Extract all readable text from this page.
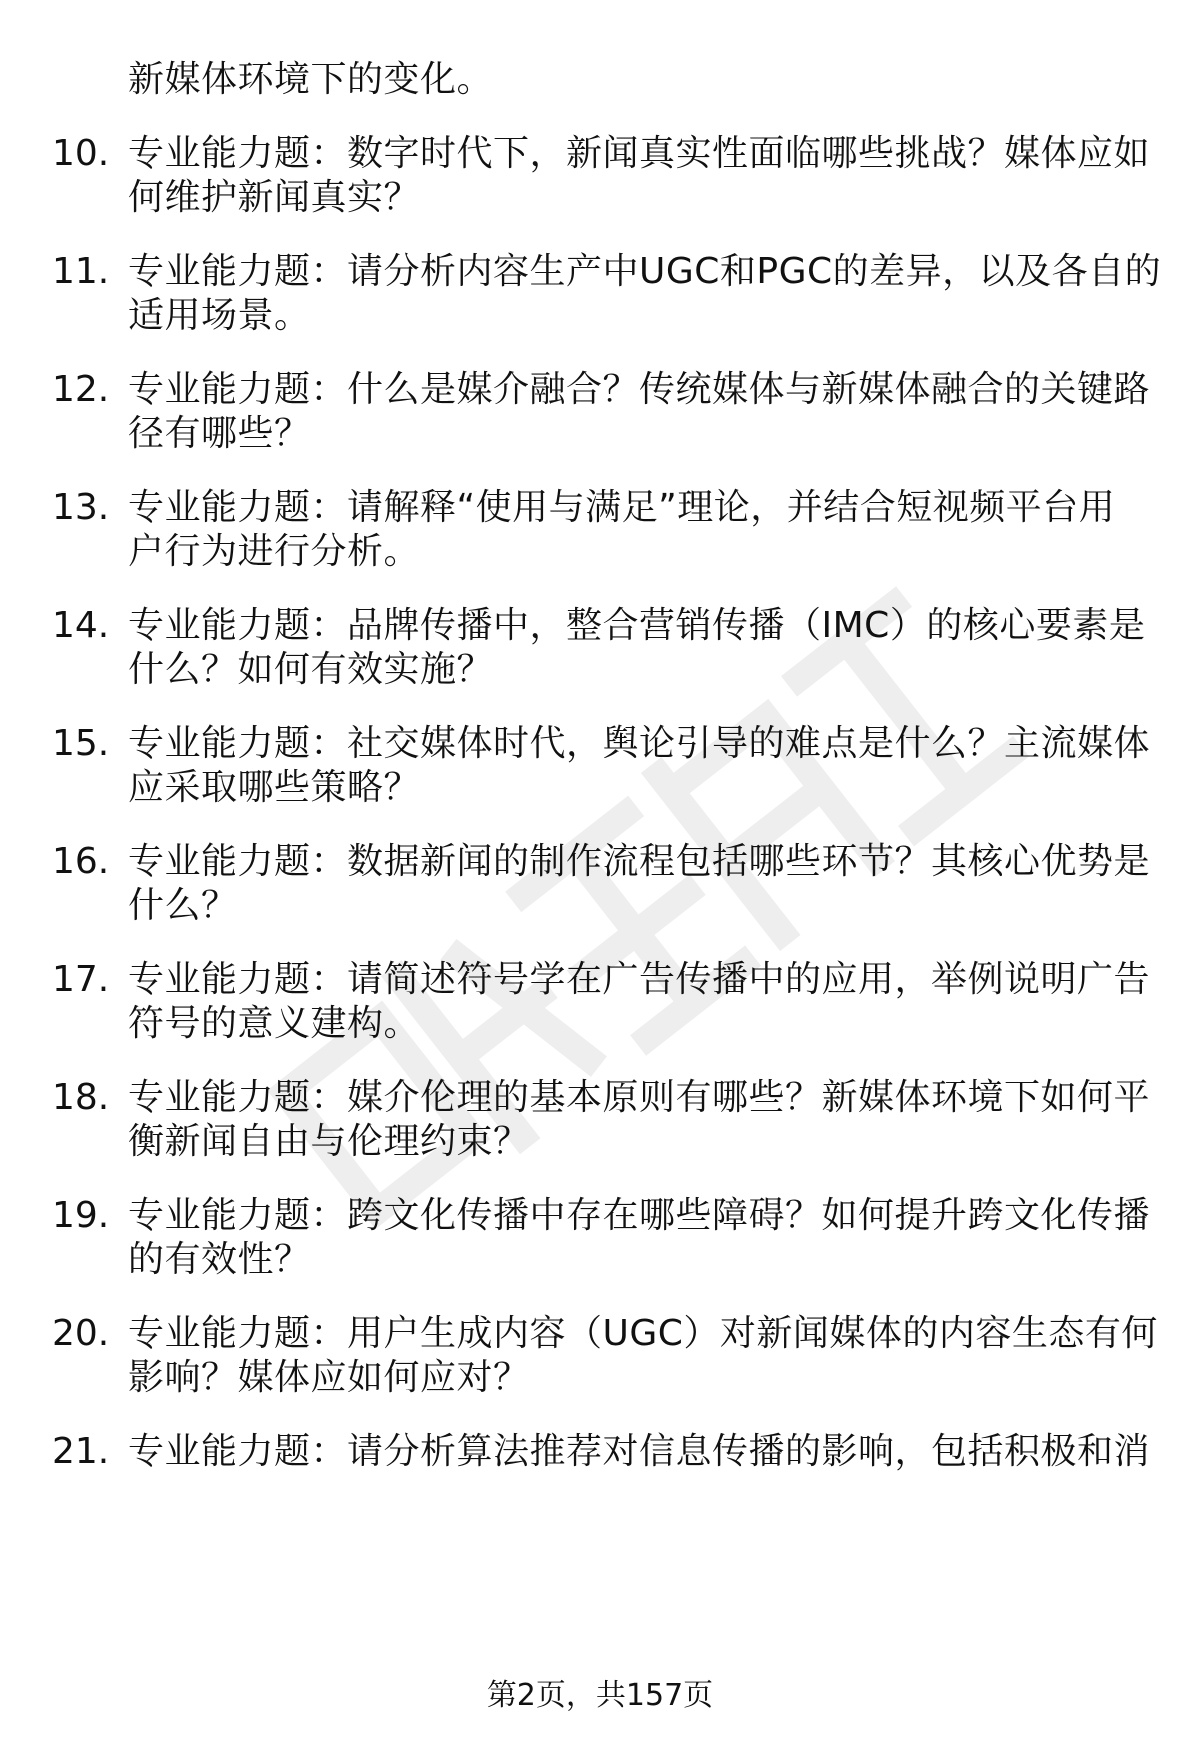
新媒体环境下的变化。
10. 专业能力题：数字时代下，新闻真实性面临哪些挑战？媒体应如
何维护新闻真实？
11. 专业能力题：请分析内容生产中UGC和PGC的差异，以及各自的
适用场景。
12. 专业能力题：什么是媒介融合？传统媒体与新媒体融合的关键路
径有哪些？
13. 专业能力题：请解释“使用与满足”理论，并结合短视频平台用
户行为进行分析。
14. 专业能力题：品牌传播中，整合营销传播（IMC）的核心要素是
什么？如何有效实施？
15. 专业能力题：社交媒体时代，舆论引导的难点是什么？主流媒体
应采取哪些策略？
16. 专业能力题：数据新闻的制作流程包括哪些环节？其核心优势是
什么？
17. 专业能力题：请简述符号学在广告传播中的应用，举例说明广告
符号的意义建构。
18. 专业能力题：媒介伦理的基本原则有哪些？新媒体环境下如何平
衡新闻自由与伦理约束？
19. 专业能力题：跨文化传播中存在哪些障碍？如何提升跨文化传播
的有效性？
20. 专业能力题：用户生成内容（UGC）对新闻媒体的内容生态有何
影响？媒体应如何应对？
21. 专业能力题：请分析算法推荐对信息传播的影响，包括积极和消
第2页，共157页
